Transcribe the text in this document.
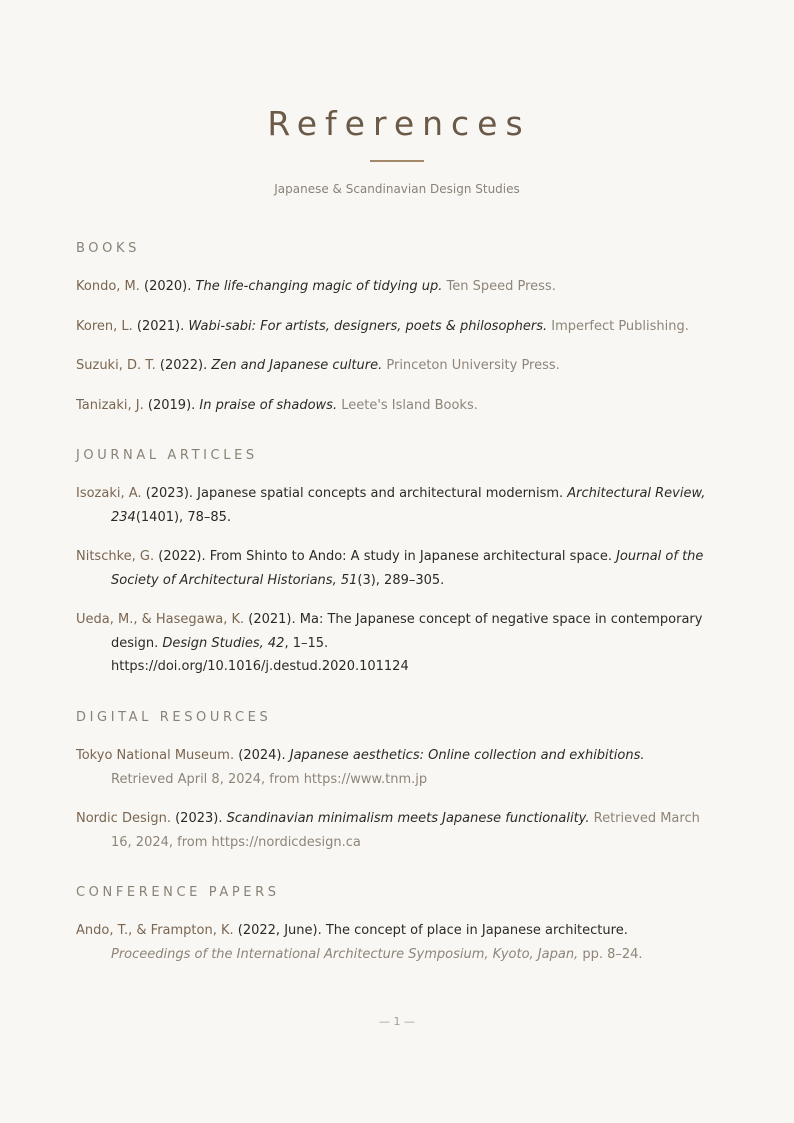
References
Japanese & Scandinavian Design Studies
BOOKS

Kondo, M. (2020). The life-changing magic of tidying up. Ten Speed Press.

Koren, L. (2021). Wabi-sabi: For artists, designers, poets & philosophers. Imperfect Publishing.

Suzuki, D. T. (2022). Zen and Japanese culture. Princeton University Press.

Tanizaki, J. (2019). In praise of shadows. Leete's Island Books.

JOURNAL ARTICLES

Isozaki, A. (2023). Japanese spatial concepts and architectural modernism. Architectural Review, 234(1401), 78–85.

Nitschke, G. (2022). From Shinto to Ando: A study in Japanese architectural space. Journal of the Society of Architectural Historians, 51(3), 289–305.

Ueda, M., & Hasegawa, K. (2021). Ma: The Japanese concept of negative space in contemporary design. Design Studies, 42, 1–15.
https://doi.org/10.1016/j.destud.2020.101124

DIGITAL RESOURCES

Tokyo National Museum. (2024). Japanese aesthetics: Online collection and exhibitions.
Retrieved April 8, 2024, from https://www.tnm.jp

Nordic Design. (2023). Scandinavian minimalism meets Japanese functionality. Retrieved March 16, 2024, from https://nordicdesign.ca

CONFERENCE PAPERS

Ando, T., & Frampton, K. (2022, June). The concept of place in Japanese architecture.
Proceedings of the International Architecture Symposium, Kyoto, Japan, pp. 8–24.

— 1 —
